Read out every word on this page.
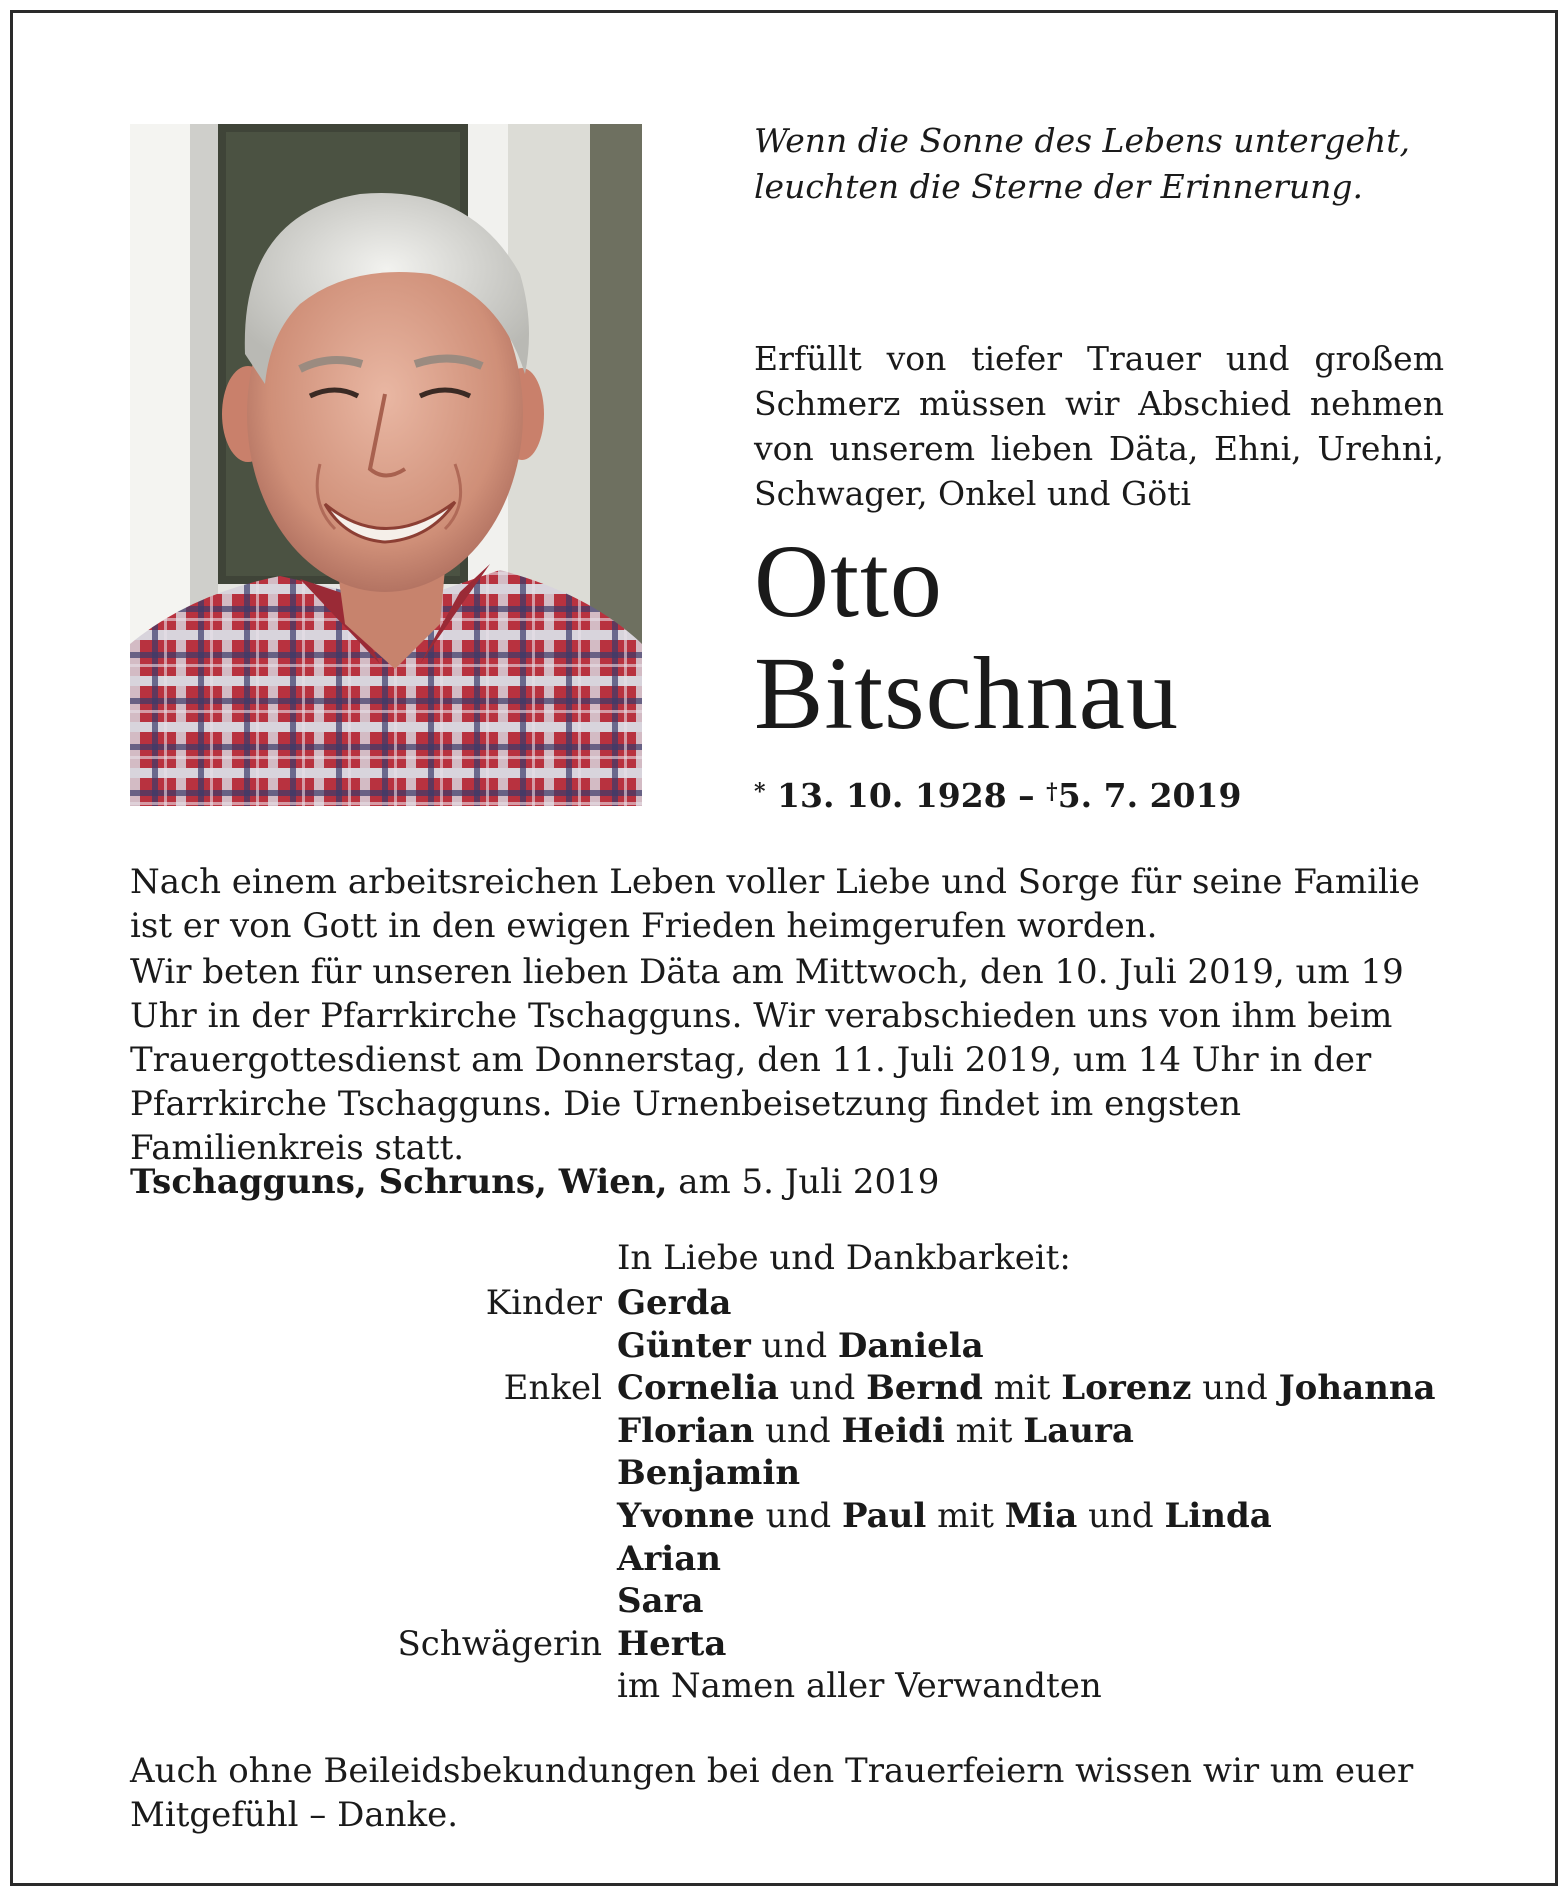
Wenn die Sonne des Lebens untergeht,
leuchten die Sterne der Erinnerung.
Erfüllt von tiefer Trauer und großem Schmerz müssen wir Abschied nehmen von unserem lieben Däta, Ehni, Urehni, Schwager, Onkel und Göti
Otto
Bitschnau
* 13. 10. 1928 – †5. 7. 2019
Nach einem arbeitsreichen Leben voller Liebe und Sorge für seine Familie ist er von Gott in den ewigen Frieden heimgerufen worden.
Wir beten für unseren lieben Däta am Mittwoch, den 10. Juli 2019, um 19 Uhr in der Pfarrkirche Tschagguns. Wir verabschieden uns von ihm beim Trauergottesdienst am Donnerstag, den 11. Juli 2019, um 14 Uhr in der Pfarrkirche Tschagguns. Die Urnenbeisetzung findet im engsten Familienkreis statt.
Tschagguns, Schruns, Wien, am 5. Juli 2019
In Liebe und Dankbarkeit:
Kinder Gerda
Günter und Daniela
Enkel Cornelia und Bernd mit Lorenz und Johanna
Florian und Heidi mit Laura
Benjamin
Yvonne und Paul mit Mia und Linda
Arian
Sara
Schwägerin Herta
im Namen aller Verwandten
Auch ohne Beileidsbekundungen bei den Trauerfeiern wissen wir um euer Mitgefühl – Danke.
